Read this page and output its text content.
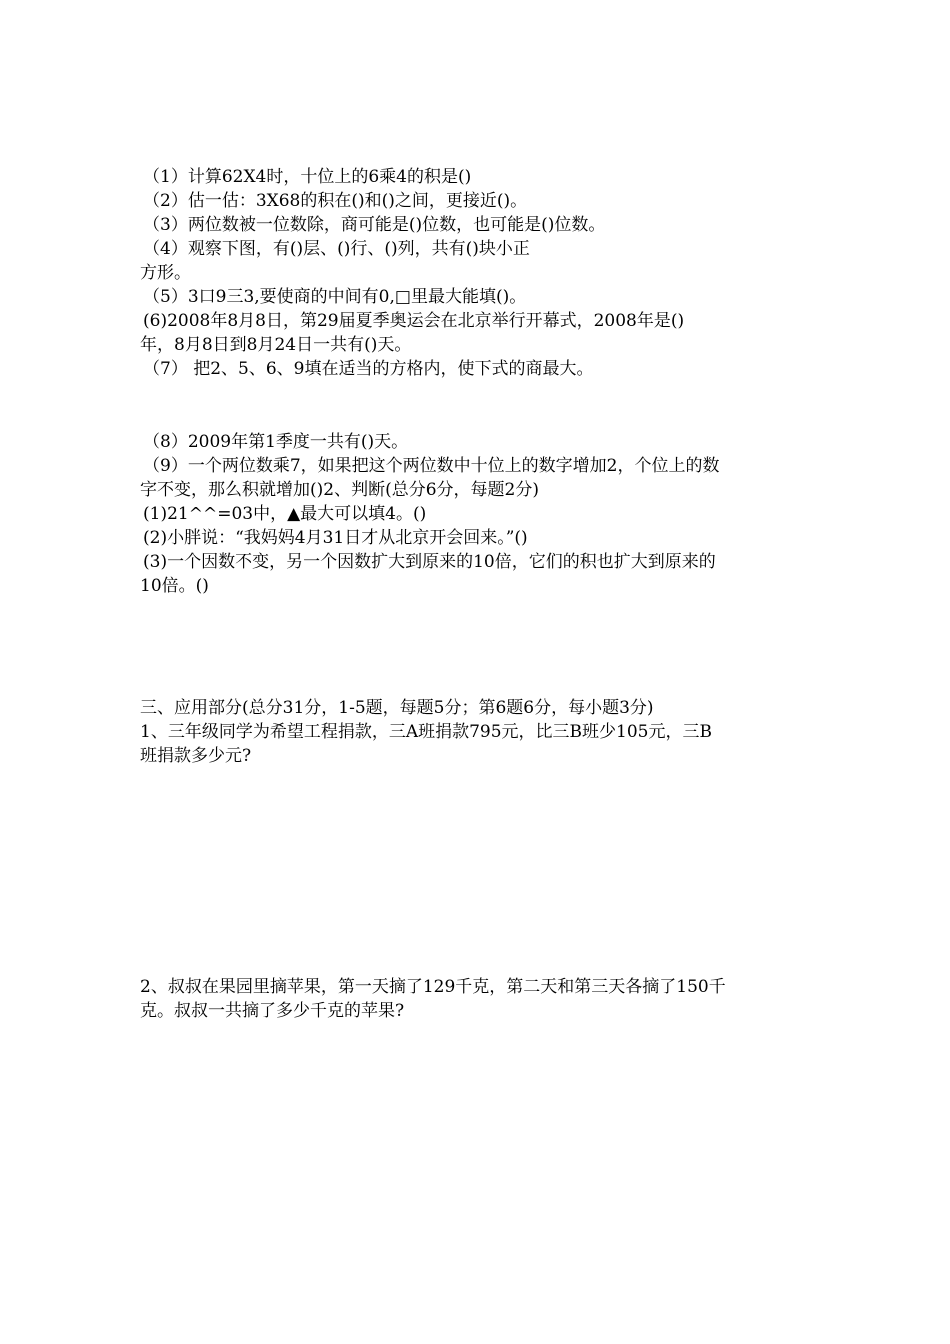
（1）计算62X4时，十位上的6乘4的积是()
（2）估一估：3X68的积在()和()之间，更接近()。
（3）两位数被一位数除，商可能是()位数，也可能是()位数。
（4）观察下图，有()层、()行、()列，共有()块小正
方形。
（5）3口9三3,要使商的中间有0,□里最大能填()。
(6)2008年8月8日，第29届夏季奥运会在北京举行开幕式，2008年是()
年，8月8日到8月24日一共有()天。
（7） 把2、5、6、9填在适当的方格内，使下式的商最大。
（8）2009年第1季度一共有()天。
（9）一个两位数乘7，如果把这个两位数中十位上的数字增加2，个位上的数
字不变，那么积就增加()2、判断(总分6分，每题2分)
(1)21^^=03中，▲最大可以填4。()
(2)小胖说：“我妈妈4月31日才从北京开会回来。”()
(3)一个因数不变，另一个因数扩大到原来的10倍，它们的积也扩大到原来的
10倍。()
三、应用部分(总分31分，1-5题，每题5分；第6题6分，每小题3分)
1、三年级同学为希望工程捐款，三A班捐款795元，比三B班少105元，三B
班捐款多少元?
2、叔叔在果园里摘苹果，第一天摘了129千克，第二天和第三天各摘了150千
克。叔叔一共摘了多少千克的苹果?
